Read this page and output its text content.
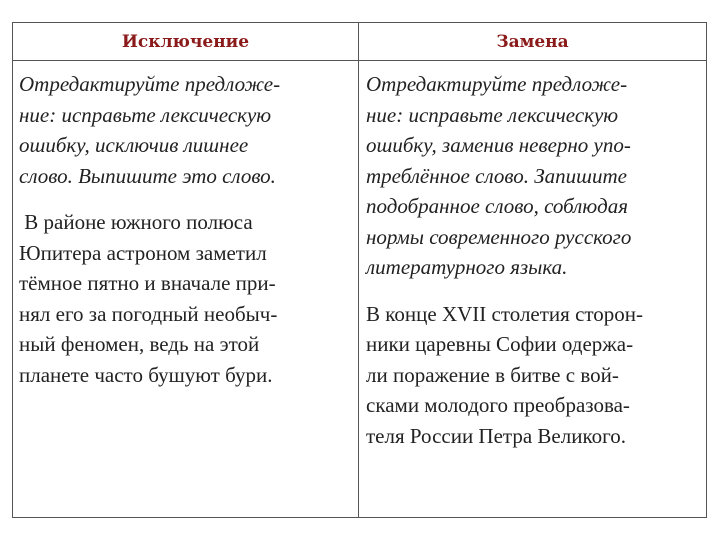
Исключение	Замена
Отредактируйте предложе-
ние: исправьте лексическую
ошибку, исключив лишнее
слово. Выпишите это слово.
В районе южного полюса
Юпитера астроном заметил
тёмное пятно и вначале при-
нял его за погодный необыч-
ный феномен, ведь на этой
планете часто бушуют бури.
Отредактируйте предложе-
ние: исправьте лексическую
ошибку, заменив неверно упо-
треблённое слово. Запишите
подобранное слово, соблюдая
нормы современного русского
литературного языка.
В конце XVII столетия сторон-
ники царевны Софии одержа-
ли поражение в битве с вой-
сками молодого преобразова-
теля России Петра Великого.
